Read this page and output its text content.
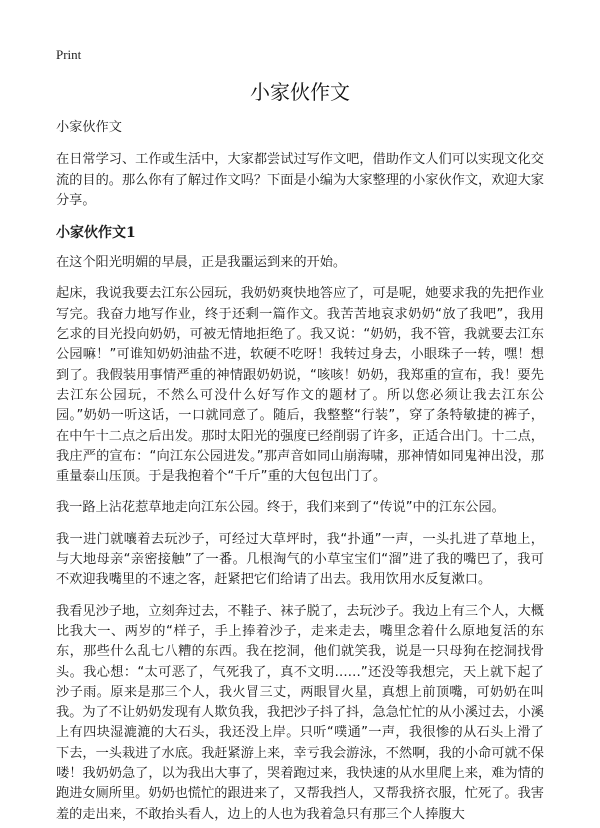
Print
小家伙作文

小家伙作文

在日常学习、工作或生活中，大家都尝试过写作文吧，借助作文人们可以实现文化交流的目的。那么你有了解过作文吗？下面是小编为大家整理的小家伙作文，欢迎大家分享。

小家伙作文1

在这个阳光明媚的早晨，正是我噩运到来的开始。

起床，我说我要去江东公园玩，我奶奶爽快地答应了，可是呢，她要求我的先把作业写完。我奋力地写作业，终于还剩一篇作文。我苦苦地哀求奶奶“放了我吧”，我用乞求的目光投向奶奶，可被无情地拒绝了。我又说：“奶奶，我不管，我就要去江东公园嘛！”可谁知奶奶油盐不进，软硬不吃呀！我转过身去，小眼珠子一转，嘿！想到了。我假装用事情严重的神情跟奶奶说，“咳咳！奶奶，我郑重的宣布，我！要先去江东公园玩，不然么可没什么好写作文的题材了。所以您必须让我去江东公园。”奶奶一听这话，一口就同意了。随后，我整整“行装”，穿了条特敏捷的裤子，在中午十二点之后出发。那时太阳光的强度已经削弱了许多，正适合出门。十二点，我庄严的宣布：“向江东公园进发。”那声音如同山崩海啸，那神情如同鬼神出没，那重量泰山压顶。于是我抱着个“千斤”重的大包包出门了。

我一路上沾花惹草地走向江东公园。终于，我们来到了“传说”中的江东公园。

我一进门就嚷着去玩沙子，可经过大草坪时，我“扑通”一声，一头扎进了草地上，与大地母亲“亲密接触”了一番。几根淘气的小草宝宝们“溜”进了我的嘴巴了，我可不欢迎我嘴里的不速之客，赶紧把它们给请了出去。我用饮用水反复漱口。

我看见沙子地，立刻奔过去，不鞋子、袜子脱了，去玩沙子。我边上有三个人，大概比我大一、两岁的“样子，手上捧着沙子，走来走去，嘴里念着什么原地复活的东东，那些什么乱七八糟的东西。我在挖洞，他们就笑我，说是一只母狗在挖洞找骨头。我心想：“太可恶了，气死我了，真不文明……”还没等我想完，天上就下起了沙子雨。原来是那三个人，我火冒三丈，两眼冒火星，真想上前顶嘴，可奶奶在叫我。为了不让奶奶发现有人欺负我，我把沙子抖了抖，急急忙忙的从小溪过去，小溪上有四块湿漉漉的大石头，我还没上岸。只听“噗通”一声，我很惨的从石头上滑了下去，一头栽进了水底。我赶紧游上来，幸亏我会游泳，不然啊，我的小命可就不保喽！我奶奶急了，以为我出大事了，哭着跑过来，我快速的从水里爬上来，难为情的跑进女厕所里。奶奶也慌忙的跟进来了，又帮我挡人，又帮我挤衣服，忙死了。我害羞的走出来，不敢抬头看人，边上的人也为我着急只有那三个人捧腹大
